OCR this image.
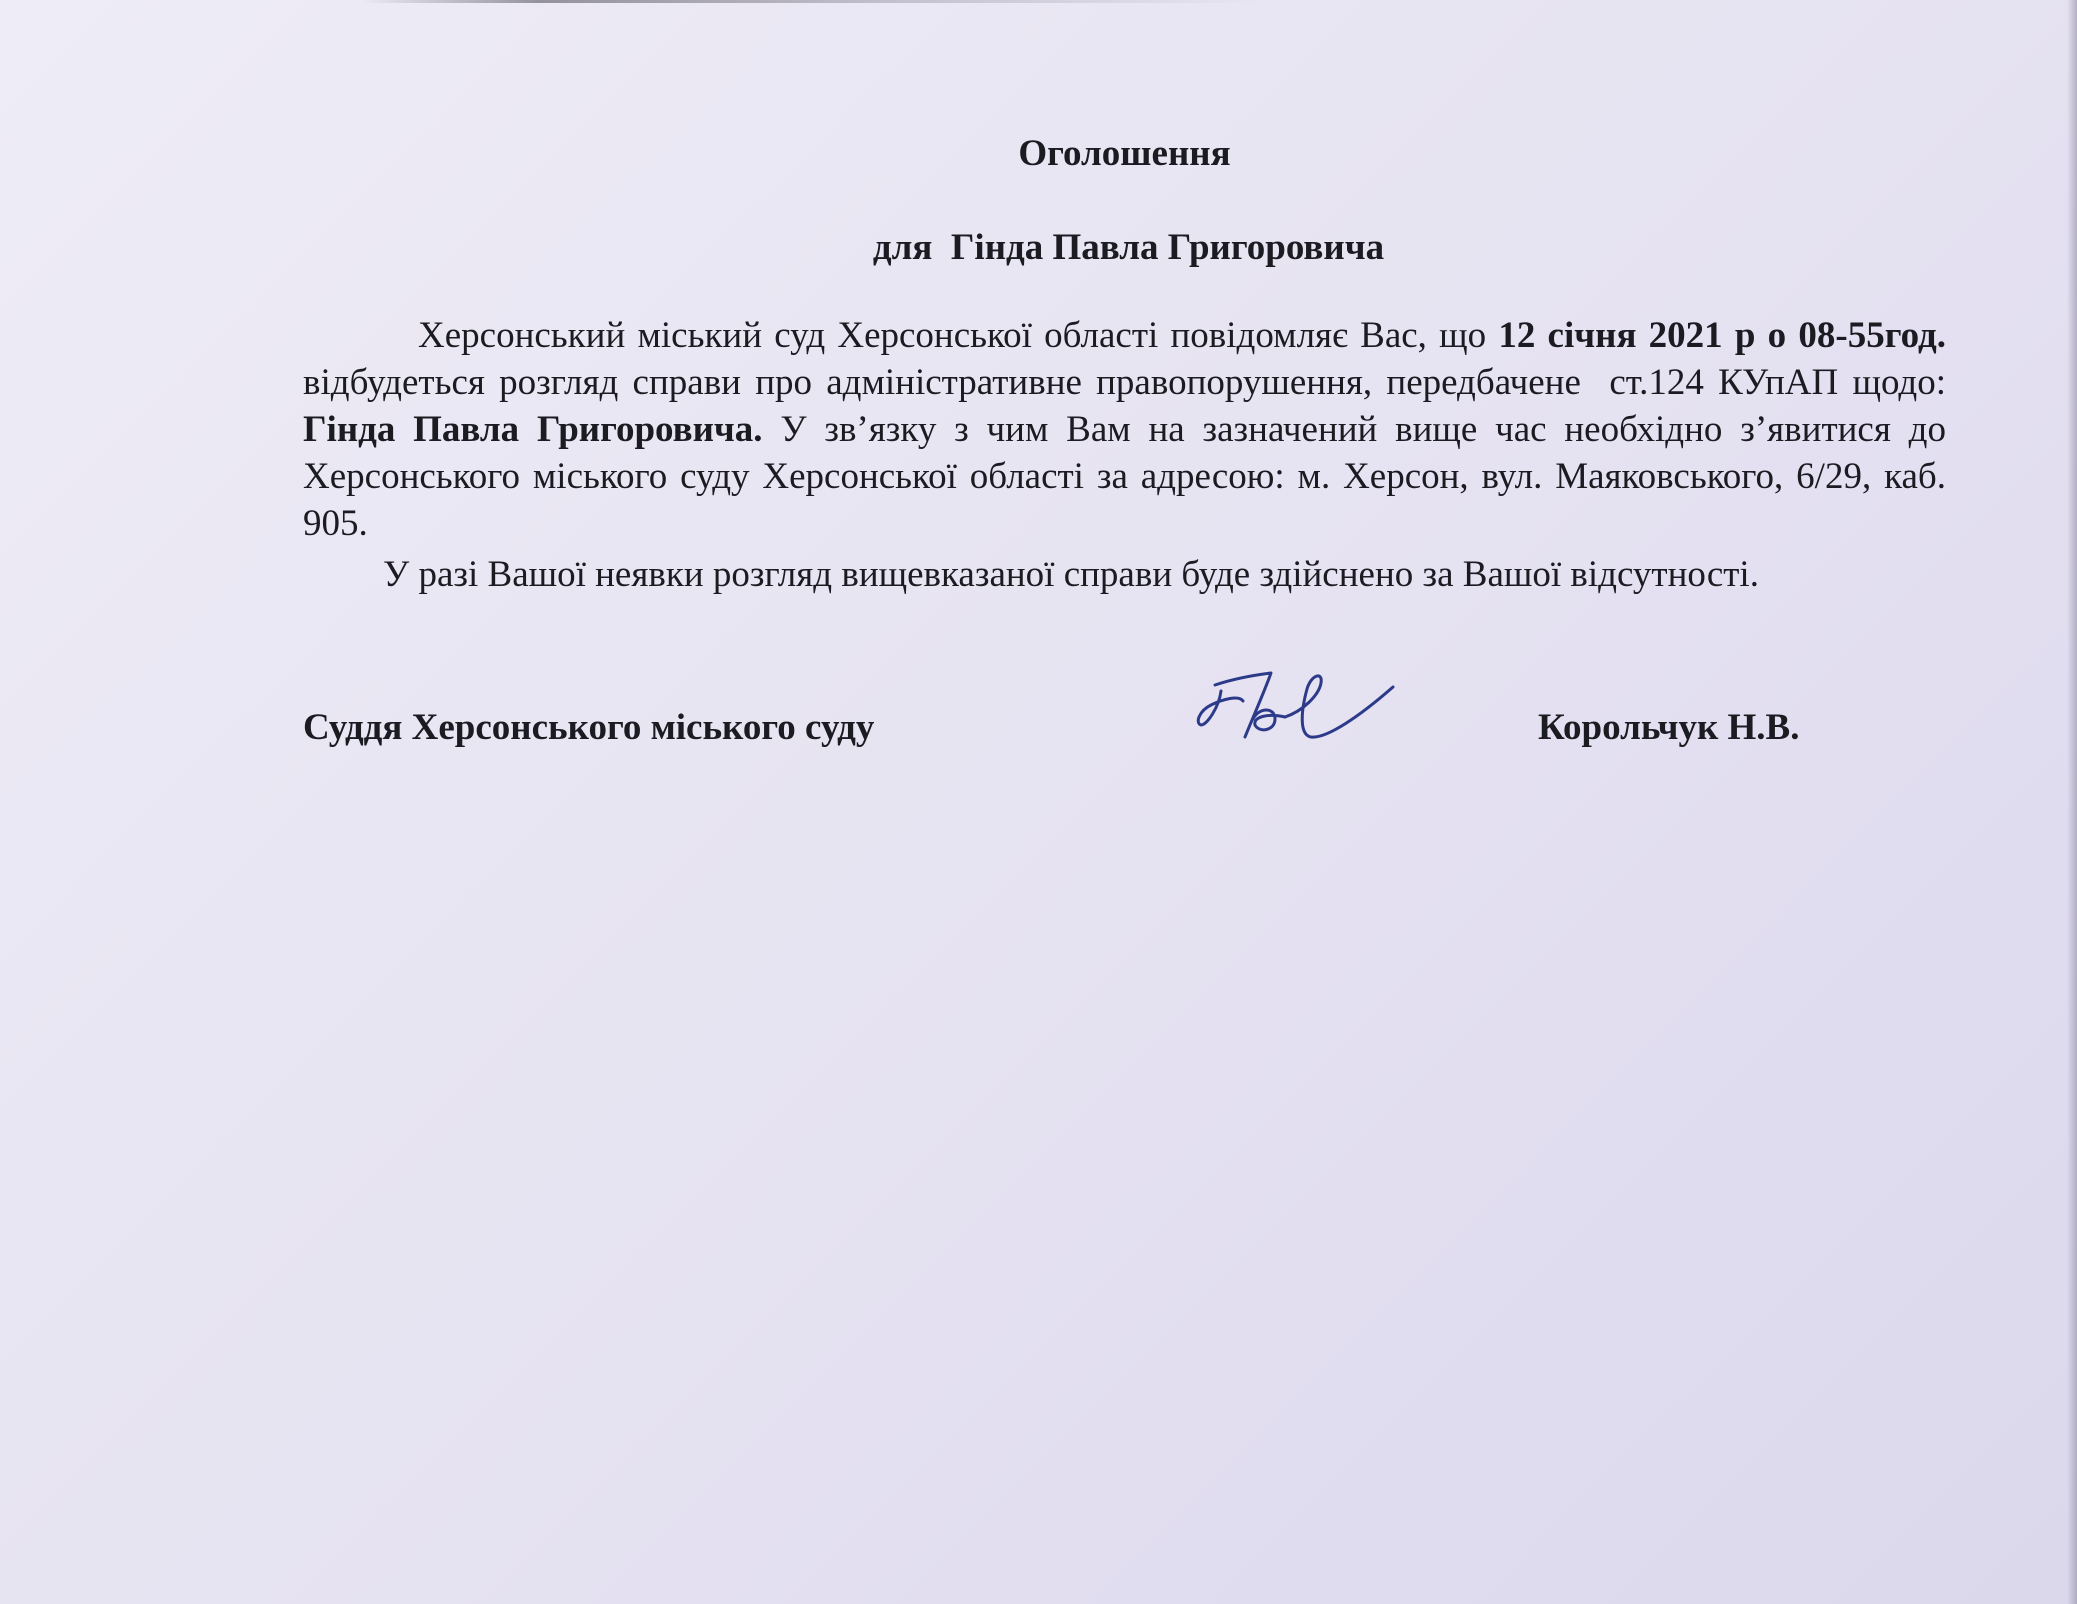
Оголошення
для  Гінда Павла Григоровича

Херсонський міський суд Херсонської області повідомляє Вас, що 12 січня 2021 р о 08-55год. відбудеться розгляд справи про адміністративне правопорушення, передбачене  ст.124 КУпАП щодо: Гінда Павла Григоровича. У зв’язку з чим Вам на зазначений вище час необхідно з’явитися до Херсонського міського суду Херсонської області за адресою: м. Херсон, вул. Маяковського, 6/29, каб. 905.

У разі Вашої неявки розгляд вищевказаної справи буде здійснено за Вашої відсутності.

Суддя Херсонського міського суду	Корольчук Н.В.
